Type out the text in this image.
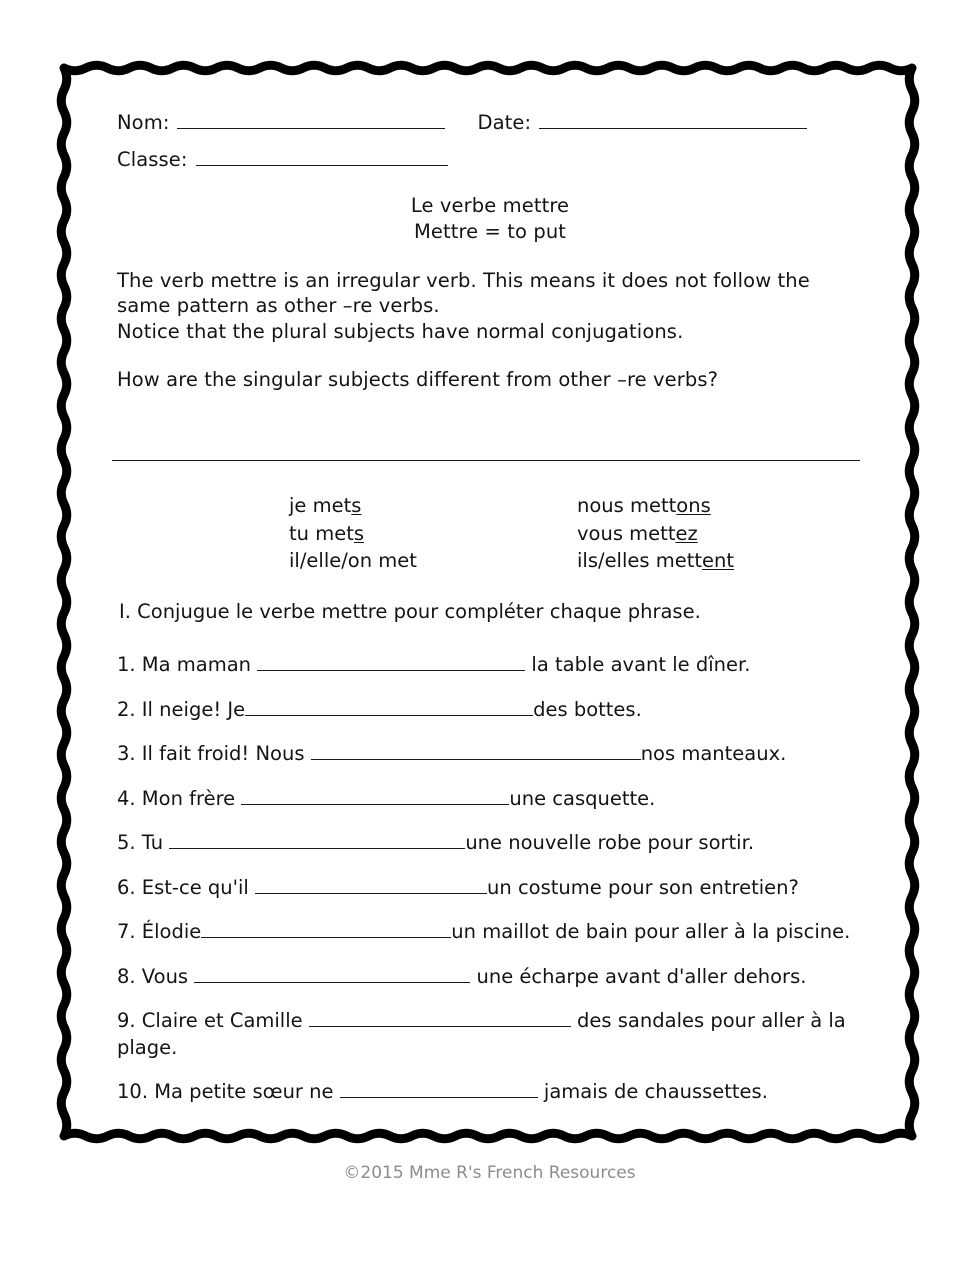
Nom:	Date:
Classe:
Le verbe mettre
Mettre = to put
The verb mettre is an irregular verb. This means it does not follow the same pattern as other –re verbs.
Notice that the plural subjects have normal conjugations.
How are the singular subjects different from other –re verbs?
je mets	nous mettons
tu mets	vous mettez
il/elle/on met	ils/elles mettent
I. Conjugue le verbe mettre pour compléter chaque phrase.
1. Ma maman	la table avant le dîner.
2. Il neige! Je	des bottes.
3. Il fait froid! Nous	nos manteaux.
4. Mon frère	une casquette.
5. Tu	une nouvelle robe pour sortir.
6. Est-ce qu'il	un costume pour son entretien?
7. Élodie	un maillot de bain pour aller à la piscine.
8. Vous	une écharpe avant d'aller dehors.
9. Claire et Camille	des sandales pour aller à la plage.
10. Ma petite sœur ne	jamais de chaussettes.
©2015 Mme R's French Resources
